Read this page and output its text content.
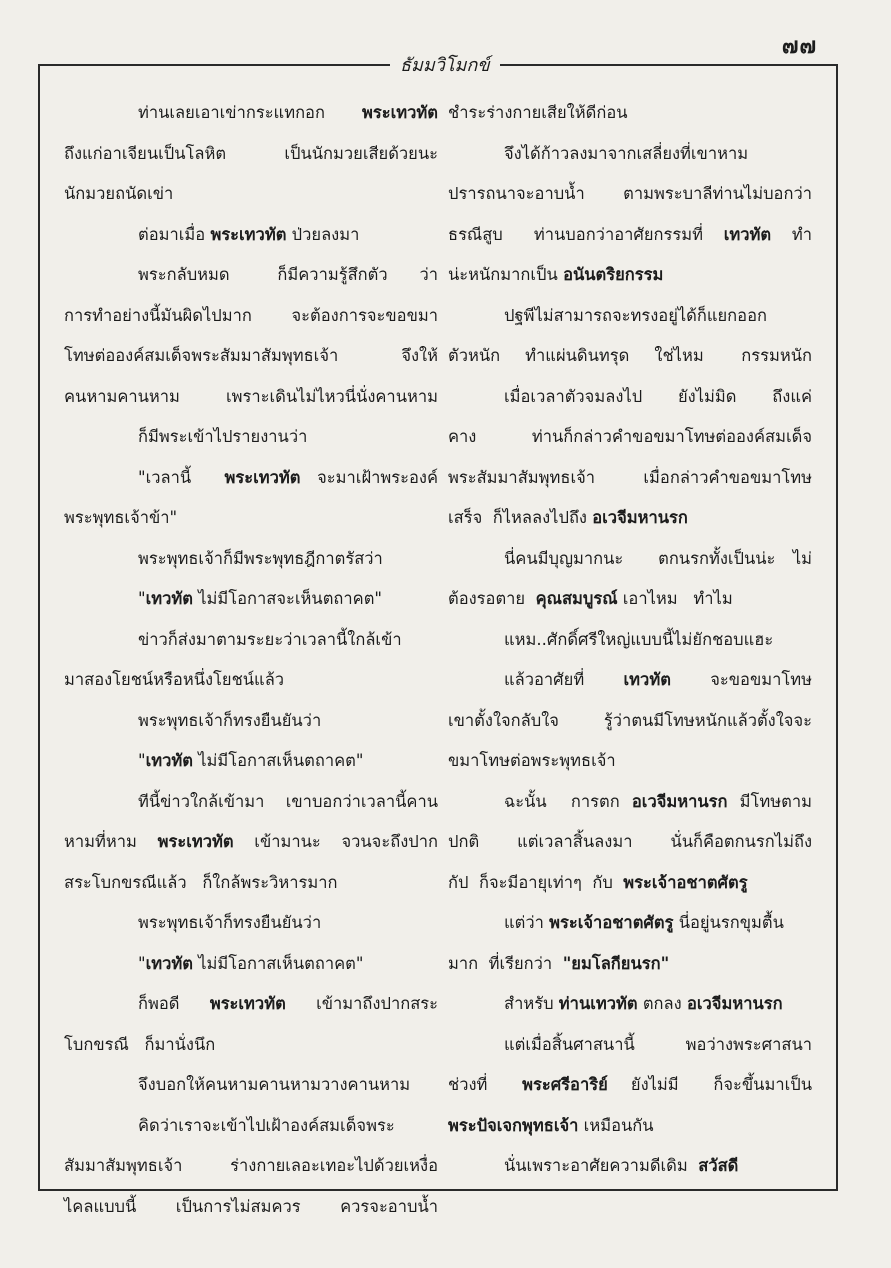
๗๗
ธัมมวิโมกข์

ท่านเลยเอาเข่ากระแทกอก พระเทวทัต

ถึงแก่อาเจียนเป็นโลหิต เป็นนักมวยเสียด้วยนะ

นักมวยถนัดเข่า

ต่อมาเมื่อ พระเทวทัต ป่วยลงมา

พระกลับหมด   ก็มีความรู้สึกตัว  ว่า

การทำอย่างนี้มันผิดไปมาก จะต้องการจะขอขมา

โทษต่อองค์สมเด็จพระสัมมาสัมพุทธเจ้า  จึงให้

คนหามคานหาม เพราะเดินไม่ไหวนี่นั่งคานหาม

ก็มีพระเข้าไปรายงานว่า

"เวลานี้  พระเทวทัต จะมาเฝ้าพระองค์

พระพุทธเจ้าข้า"

พระพุทธเจ้าก็มีพระพุทธฎีกาตรัสว่า

"เทวทัต ไม่มีโอกาสจะเห็นตถาคต"

ข่าวก็ส่งมาตามระยะว่าเวลานี้ใกล้เข้า

มาสองโยชน์หรือหนึ่งโยชน์แล้ว

พระพุทธเจ้าก็ทรงยืนยันว่า

"เทวทัต ไม่มีโอกาสเห็นตถาคต"

ทีนี้ข่าวใกล้เข้ามา เขาบอกว่าเวลานี้คาน

หามที่หาม พระเทวทัต เข้ามานะ จวนจะถึงปาก

สระโบกขรณีแล้ว   ก็ใกล้พระวิหารมาก

พระพุทธเจ้าก็ทรงยืนยันว่า

"เทวทัต ไม่มีโอกาสเห็นตถาคต"

ก็พอดี  พระเทวทัต  เข้ามาถึงปากสระ

โบกขรณี   ก็มานั่งนึก

จึงบอกให้คนหามคานหามวางคานหาม

คิดว่าเราจะเข้าไปเฝ้าองค์สมเด็จพระ

สัมมาสัมพุทธเจ้า ร่างกายเลอะเทอะไปด้วยเหงื่อ

ไคลแบบนี้   เป็นการไม่สมควร   ควรจะอาบน้ำ

ชำระร่างกายเสียให้ดีก่อน

จึงได้ก้าวลงมาจากเสลี่ยงที่เขาหาม

ปรารถนาจะอาบน้ำ  ตามพระบาลีท่านไม่บอกว่า

ธรณีสูบ   ท่านบอกว่าอาศัยกรรมที่  เทวทัต  ทำ

น่ะหนักมากเป็น อนันตริยกรรม

ปฐพีไม่สามารถจะทรงอยู่ได้ก็แยกออก

ตัวหนัก  ทำแผ่นดินทรุด  ใช่ไหม   กรรมหนัก

เมื่อเวลาตัวจมลงไป  ยังไม่มิด  ถึงแค่

คาง    ท่านก็กล่าวคำขอขมาโทษต่อองค์สมเด็จ

พระสัมมาสัมพุทธเจ้า   เมื่อกล่าวคำขอขมาโทษ

เสร็จ  ก็ไหลลงไปถึง อเวจีมหานรก

นี่คนมีบุญมากนะ  ตกนรกทั้งเป็นน่ะ ไม่

ต้องรอตาย  คุณสมบูรณ์ เอาไหม   ทำไม

แหม..ศักดิ์ศรีใหญ่แบบนี้ไม่ยักชอบแฮะ

แล้วอาศัยที่  เทวทัต  จะขอขมาโทษ

เขาตั้งใจกลับใจ  รู้ว่าตนมีโทษหนักแล้วตั้งใจจะ

ขมาโทษต่อพระพุทธเจ้า

ฉะนั้น  การตก อเวจีมหานรก มีโทษตาม

ปกติ   แต่เวลาสิ้นลงมา   นั่นก็คือตกนรกไม่ถึง

กัป  ก็จะมีอายุเท่าๆ  กับ  พระเจ้าอชาตศัตรู

แต่ว่า พระเจ้าอชาตศัตรู นี่อยู่นรกขุมตื้น

มาก  ที่เรียกว่า  "ยมโลกียนรก"

สำหรับ ท่านเทวทัต ตกลง อเวจีมหานรก

แต่เมื่อสิ้นศาสนานี้   พอว่างพระศาสนา

ช่วงที่   พระศรีอาริย์  ยังไม่มี   ก็จะขึ้นมาเป็น

พระปัจเจกพุทธเจ้า เหมือนกัน

นั่นเพราะอาศัยความดีเดิม  สวัสดี
